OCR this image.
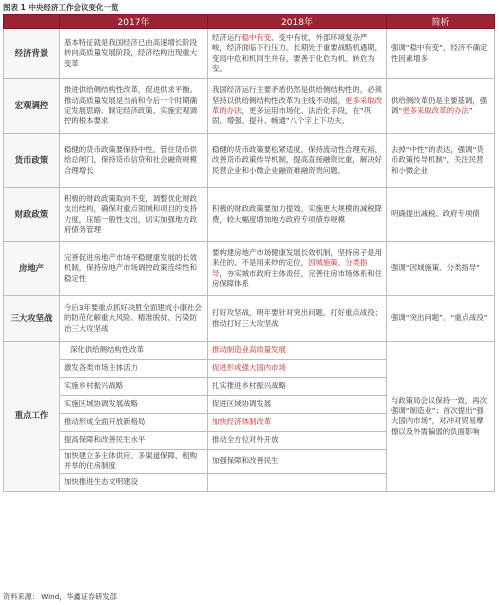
图表 1 中央经济工作会议变化一览
	2017年	2018年	简析
经济背景	基本特征就是我国经济已由高速增长阶段转向高质量发展阶段，经济结构出现重大变革	经济运行稳中有变、变中有忧，外部环境复杂严峻，经济面临下行压力。长期处于重要战略机遇期，变局中危和机同生并存，要善于化危为机、转危为安。	强调“稳中有变”，经济不确定性因素增多
宏观调控	推进供给侧结构性改革，促进供求平衡。推动高质量发展是当前和今后一个时期确定发展思路、制定经济政策、实施宏观调控的根本要求	我国经济运行主要矛盾仍然是供给侧结构性的，必须坚持以供给侧结构性改革为主线不动摇，更多采取改革的办法，更多运用市场化、法治化手段，在“巩固、增强、提升、畅通”八个字上下功夫。	供给侧改革仍是主要基调，强调“更多采取改革的办法”
货币政策	稳健的货币政策要保持中性，管住货币供给总闸门，保持货币信贷和社会融资规模合理增长	稳健的货币政策要松紧适度，保持流动性合理充裕，改善货币政策传导机制，提高直接融资比重，解决好民营企业和小微企业融资难融资贵问题。	去掉“中性”的表达，强调“货币政策传导机制”，关注民营和小微企业
财政政策	积极的财政政策取向不变，调整优化财政支出结构，确保对重点领域和项目的支持力度，压缩一般性支出，切实加强地方政府债务管理	积极的财政政策要加力提效，实施更大规模的减税降费，较大幅度增加地方政府专项债券规模	明确提出减税、政府专项债
房地产	完善促进房地产市场平稳健康发展的长效机制，保持房地产市场调控政策连续性和稳定性	要构建房地产市场健康发展长效机制，坚持房子是用来住的、不是用来炒的定位，因城施策、分类指导，夯实城市政府主体责任，完善住房市场体系和住房保障体系	强调“因城施策、分类指导”
三大攻坚战	今后3年要重点抓好决胜全面建成小康社会的防范化解重大风险、精准脱贫、污染防治三大攻坚战	打好攻坚战，明年要针对突出问题，打好重点战役；推动打好三大攻坚战	强调“突出问题”、“重点战役”
重点工作	深化供给侧结构性改革	推动制造业高质量发展	与政策局会议保持一致，再次强调“制造业”；首次提出“强大国内市场”，对冲对贸易摩擦以及外需偏弱的负面影响
	激发各类市场主体活力	促进形成强大国内市场	
	实施乡村振兴战略	扎实推进乡村振兴战略	
	实施区域协调发展战略	促进区域协调发展	
	推动形成全面开放新格局	加快经济体制改革	
	提高保障和改善民生水平	推动全方位对外开放	
	加快建立多主体供应、多渠道保障、租购并举的住房制度	加强保障和改善民生	
	加快推进生态文明建设		
资料来源： Wind，华鑫证券研发部
